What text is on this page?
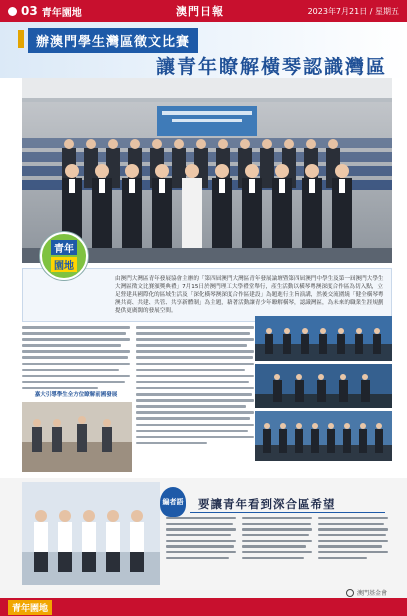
03 青年園地	澳門日報	2023年7月21日 / 星期五
辦澳門學生灣區徵文比賽
讓青年瞭解橫琴認識灣區
由澳門大灣區青年發展協會主辦的「第四屆澳門大灣區青年發展論壇暨第四屆澳門中學生及第一屆澳門大學生大灣區徵文比賽頒獎典禮」7月15日於澳門理工大學禮堂舉行，產生活動以橫琴粵澳深度合作區為切入點，立足營建具國際化的區域生活及「深化橫琴澳深度合作區建設」為題進行主旨演講，然後交流圍繞「健全橫琴粵澳共商、共建、共管、共享新體制」為主題，藉著活動讓青少年瞭解橫琴，認識灣區，為未來的職業生涯規劃提供更廣闊的發展空間。
青年
園地
嘉大引導學生全方位瞭解前國發展
編者語 要讓青年看到深合區希望
澳門基金會
青年園地
